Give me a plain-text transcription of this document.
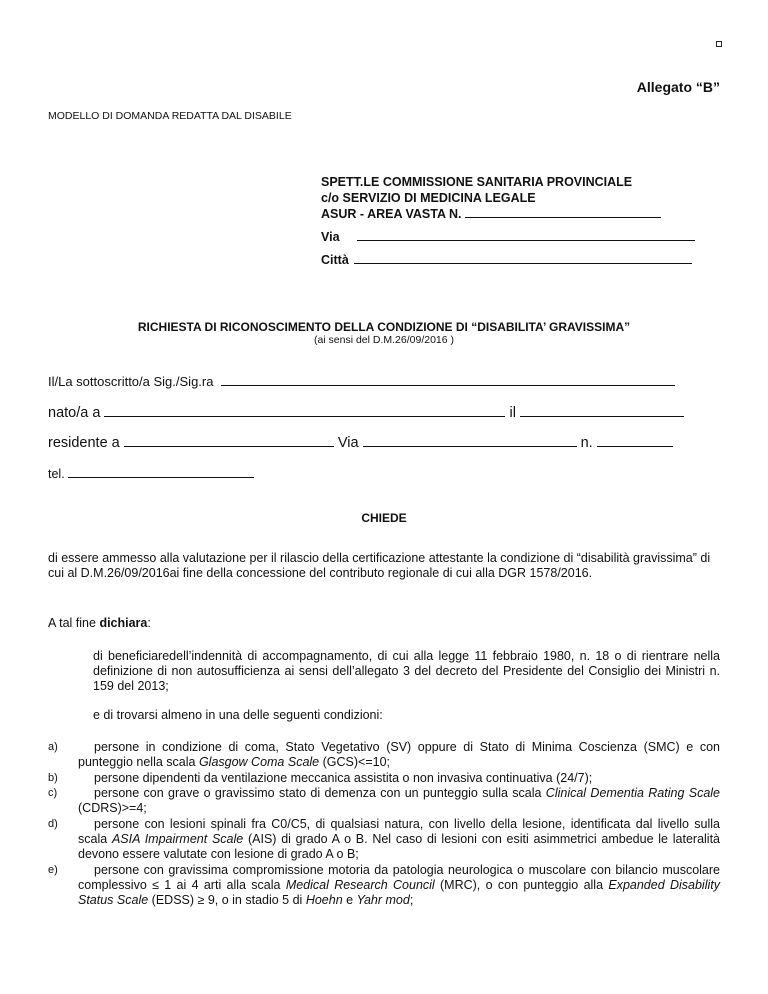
Allegato “B”
MODELLO DI DOMANDA REDATTA DAL DISABILE
SPETT.LE COMMISSIONE SANITARIA PROVINCIALE
c/o SERVIZIO DI MEDICINA LEGALE
ASUR - AREA VASTA N.
Via
Città
RICHIESTA DI RICONOSCIMENTO DELLA CONDIZIONE DI “DISABILITA’ GRAVISSIMA”
(ai sensi del D.M.26/09/2016 )
Il/La sottoscritto/a Sig./Sig.ra
nato/a a	il
residente a	Via	n.
tel.
CHIEDE
di essere ammesso alla valutazione per il rilascio della certificazione attestante la condizione di “disabilità gravissima” di cui al D.M.26/09/2016ai fine della concessione del contributo regionale di cui alla DGR 1578/2016.
A tal fine dichiara:
di beneficiaredell’indennità di accompagnamento, di cui alla legge 11 febbraio 1980, n. 18 o di rientrare nella definizione di non autosufficienza ai sensi dell’allegato 3 del decreto del Presidente del Consiglio dei Ministri n. 159 del 2013;
e di trovarsi almeno in una delle seguenti condizioni:
a)	persone in condizione di coma, Stato Vegetativo (SV) oppure di Stato di Minima Coscienza (SMC) e con punteggio nella scala Glasgow Coma Scale (GCS)<=10;
b)	persone dipendenti da ventilazione meccanica assistita o non invasiva continuativa (24/7);
c)	persone con grave o gravissimo stato di demenza con un punteggio sulla scala Clinical Dementia Rating Scale (CDRS)>=4;
d)	persone con lesioni spinali fra C0/C5, di qualsiasi natura, con livello della lesione, identificata dal livello sulla scala ASIA Impairment Scale (AIS) di grado A o B. Nel caso di lesioni con esiti asimmetrici ambedue le lateralità devono essere valutate con lesione di grado A o B;
e)	persone con gravissima compromissione motoria da patologia neurologica o muscolare con bilancio muscolare complessivo ≤ 1 ai 4 arti alla scala Medical Research Council (MRC), o con punteggio alla Expanded Disability Status Scale (EDSS) ≥ 9, o in stadio 5 di Hoehn e Yahr mod;
